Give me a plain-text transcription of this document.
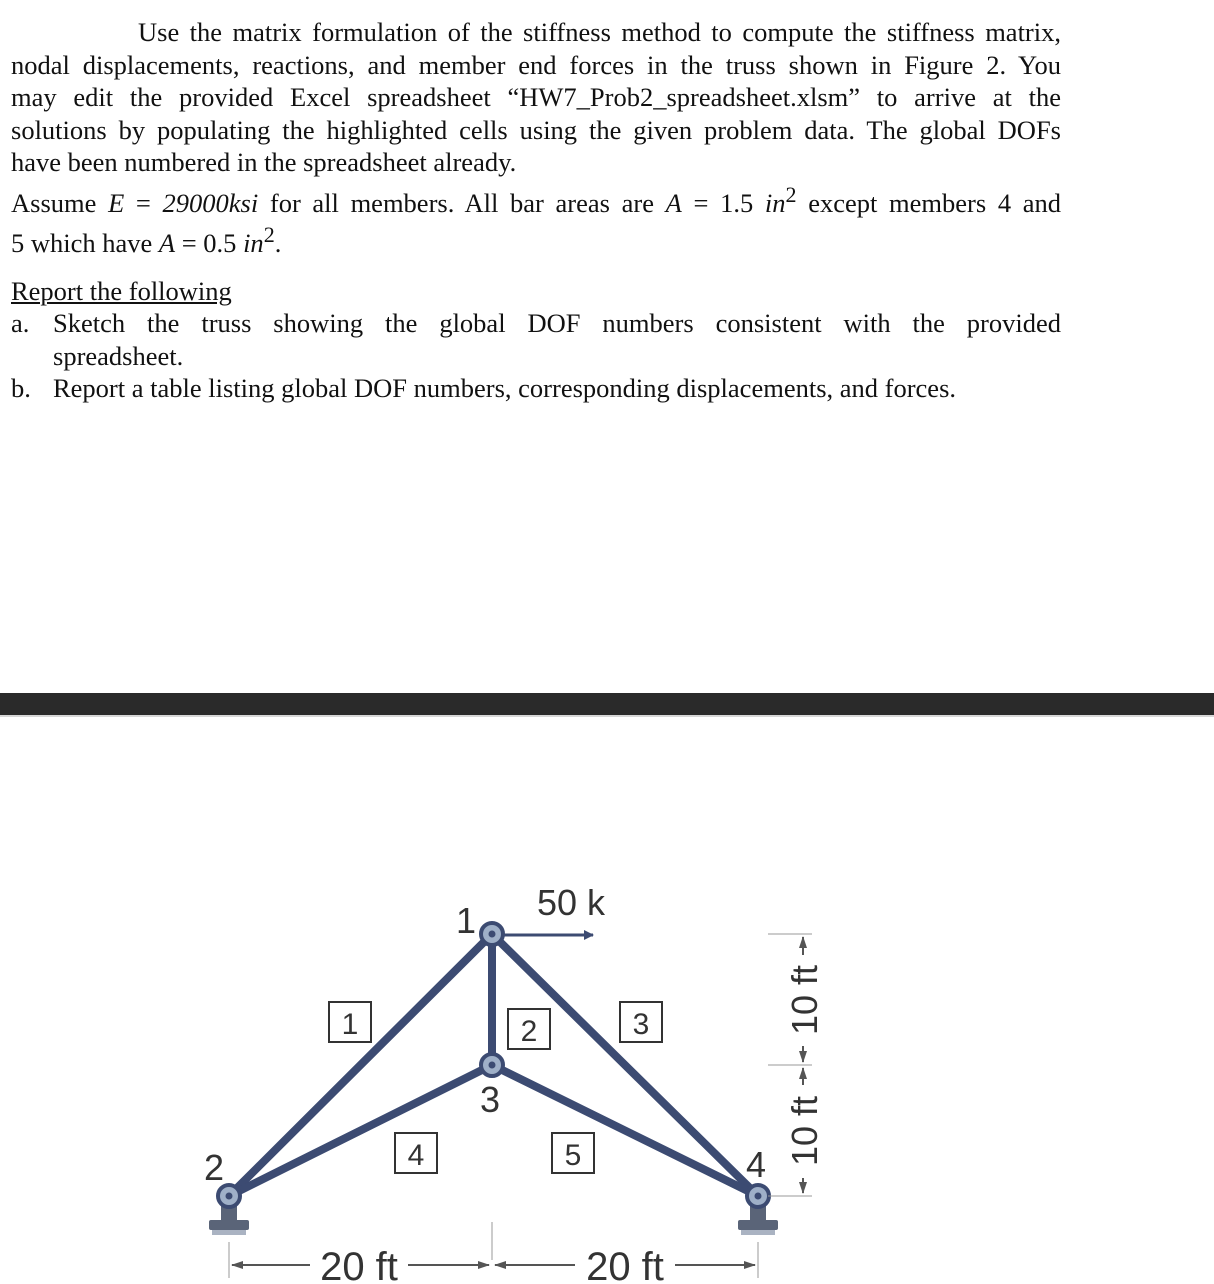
Use the matrix formulation of the stiffness method to compute the stiffness matrix,
nodal displacements, reactions, and member end forces in the truss shown in Figure 2. You
may edit the provided Excel spreadsheet “HW7_Prob2_spreadsheet.xlsm” to arrive at the
solutions by populating the highlighted cells using the given problem data. The global DOFs
have been numbered in the spreadsheet already.
Assume E = 29000ksi for all members. All bar areas are A = 1.5 $in^2$ except members 4 and
5 which have A = 0.5 $in^2$.
Report the following
a. Sketch the truss showing the global DOF numbers consistent with the provided
spreadsheet.
b. Report a table listing global DOF numbers, corresponding displacements, and forces.
50 k
1
2
3
4
1	2	3
4	5
20 ft	20 ft
10 ft
10 ft
